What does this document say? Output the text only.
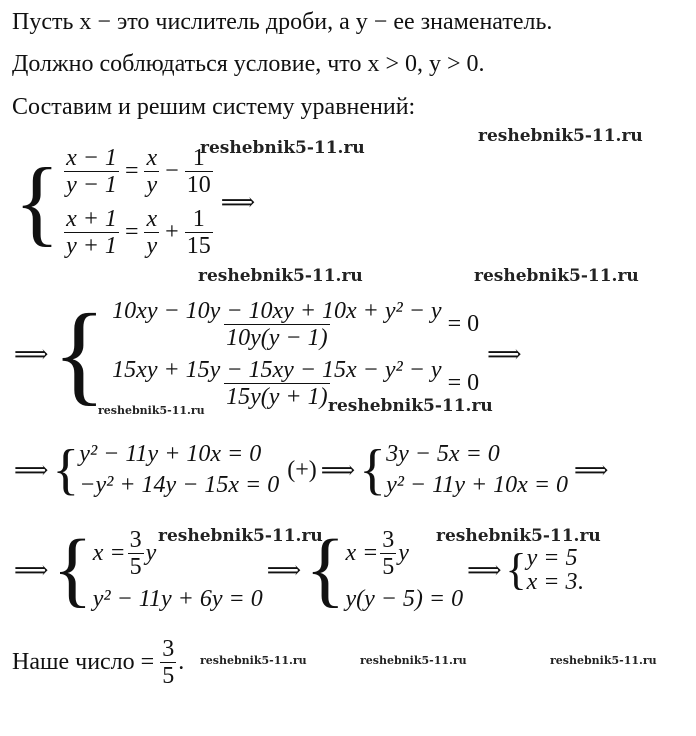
Пусть x − это числитель дроби, а y − ее знаменатель.
Должно соблюдаться условие, что x > 0, y > 0.
Составим и решим систему уравнений:
{ $\frac{x - 1}{y - 1} = \frac{x}{y} - \frac{1}{10}$
$\frac{x + 1}{y + 1} = \frac{x}{y} + \frac{1}{15}$
⟹
⟹ { $\frac{\text{10xy − 10y − 10xy + 10x + y² − y}}{10y(y - 1)} = 0$
$\frac{\text{15xy + 15y − 15xy − 15x − y² − y}}{15y(y + 1)} = 0$
⟹
⟹ { y² − 11y + 10x = 0
−y² + 14y − 15x = 0
(+) ⟹ { 3y − 5x = 0
y² − 11y + 10x = 0
⟹
⟹ { $x = \frac{3}{5}$ y
y² − 11y + 6y = 0
⟹ { $x = \frac{3}{5}$ y
y(y − 5) = 0
⟹ { y = 5
x = 3.
Наше число = $\frac{3}{5}$ .
reshebnik5-11.ru
reshebnik5-11.ru
reshebnik5-11.ru	reshebnik5-11.ru
reshebnik5-11.ru	reshebnik5-11.ru
reshebnik5-11.ru	reshebnik5-11.ru
reshebnik5-11.ru	reshebnik5-11.ru	reshebnik5-11.ru
